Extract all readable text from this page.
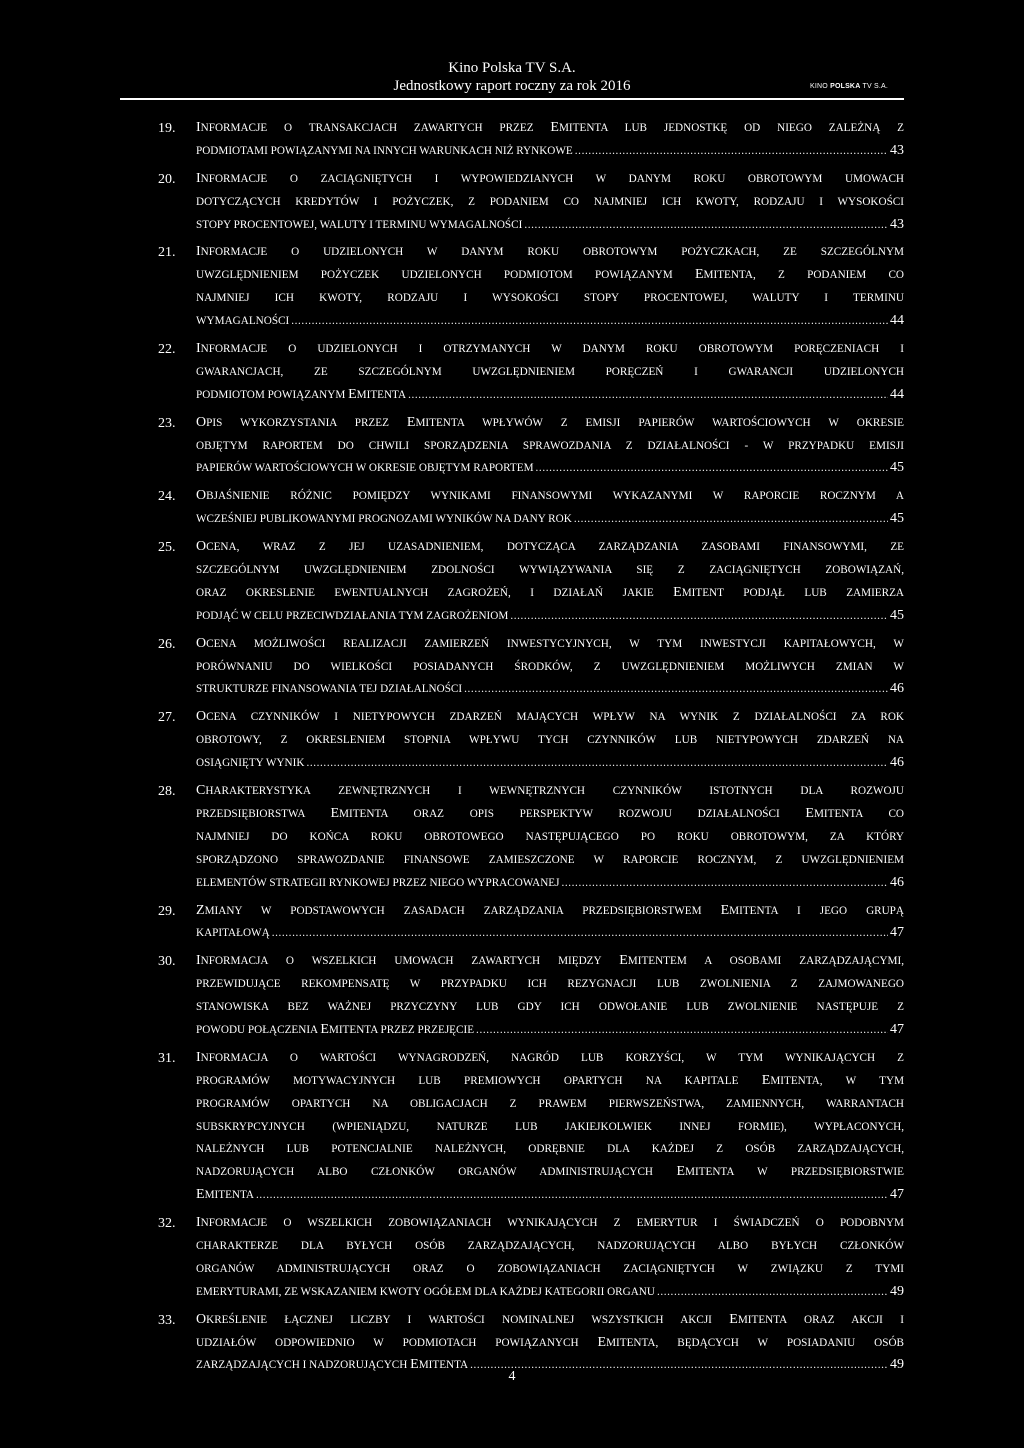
Kino Polska TV S.A.
Jednostkowy raport roczny za rok 2016	KINO POLSKA TV S.A.
19. INFORMACJE O TRANSAKCJACH ZAWARTYCH PRZEZ EMITENTA LUB JEDNOSTKĘ OD NIEGO ZALEŻNĄ Z
PODMIOTAMI POWIĄZANYMI NA INNYCH WARUNKACH NIŻ RYNKOWE .....	43
20. INFORMACJE O ZACIĄGNIĘTYCH I WYPOWIEDZIANYCH W DANYM ROKU OBROTOWYM UMOWACH
DOTYCZĄCYCH KREDYTÓW I POŻYCZEK, Z PODANIEM CO NAJMNIEJ ICH KWOTY, RODZAJU I WYSOKOŚCI
STOPY PROCENTOWEJ, WALUTY I TERMINU WYMAGALNOŚCI .....	43
21. INFORMACJE O UDZIELONYCH W DANYM ROKU OBROTOWYM POŻYCZKACH, ZE SZCZEGÓLNYM
UWZGLĘDNIENIEM POŻYCZEK UDZIELONYCH PODMIOTOM POWIĄZANYM EMITENTA, Z PODANIEM CO
NAJMNIEJ ICH KWOTY, RODZAJU I WYSOKOŚCI STOPY PROCENTOWEJ, WALUTY I TERMINU
WYMAGALNOŚCI .....	44
22. INFORMACJE O UDZIELONYCH I OTRZYMANYCH W DANYM ROKU OBROTOWYM PORĘCZENIACH I
GWARANCJACH, ZE SZCZEGÓLNYM UWZGLĘDNIENIEM PORĘCZEŃ I GWARANCJI UDZIELONYCH
PODMIOTOM POWIĄZANYM EMITENTA .....	44
23. OPIS WYKORZYSTANIA PRZEZ EMITENTA WPŁYWÓW Z EMISJI PAPIERÓW WARTOŚCIOWYCH W OKRESIE
OBJĘTYM RAPORTEM DO CHWILI SPORZĄDZENIA SPRAWOZDANIA Z DZIAŁALNOŚCI - W PRZYPADKU EMISJI
PAPIERÓW WARTOŚCIOWYCH W OKRESIE OBJĘTYM RAPORTEM .....	45
24. OBJAŚNIENIE RÓŻNIC POMIĘDZY WYNIKAMI FINANSOWYMI WYKAZANYMI W RAPORCIE ROCZNYM A
WCZEŚNIEJ PUBLIKOWANYMI PROGNOZAMI WYNIKÓW NA DANY ROK .....	45
25. OCENA, WRAZ Z JEJ UZASADNIENIEM, DOTYCZĄCA ZARZĄDZANIA ZASOBAMI FINANSOWYMI, ZE
SZCZEGÓLNYM UWZGLĘDNIENIEM ZDOLNOŚCI WYWIĄZYWANIA SIĘ Z ZACIĄGNIĘTYCH ZOBOWIĄZAŃ,
ORAZ OKRESLENIE EWENTUALNYCH ZAGROŻEŃ, I DZIAŁAŃ JAKIE EMITENT PODJĄŁ LUB ZAMIERZA
PODJĄĆ W CELU PRZECIWDZIAŁANIA TYM ZAGROŻENIOM .....	45
26. OCENA MOŻLIWOŚCI REALIZACJI ZAMIERZEŃ INWESTYCYJNYCH, W TYM INWESTYCJI KAPITAŁOWYCH, W
PORÓWNANIU DO WIELKOŚCI POSIADANYCH ŚRODKÓW, Z UWZGLĘDNIENIEM MOŻLIWYCH ZMIAN W
STRUKTURZE FINANSOWANIA TEJ DZIAŁALNOŚCI .....	46
27. OCENA CZYNNIKÓW I NIETYPOWYCH ZDARZEŃ MAJĄCYCH WPŁYW NA WYNIK Z DZIAŁALNOŚCI ZA ROK
OBROTOWY, Z OKRESLENIEM STOPNIA WPŁYWU TYCH CZYNNIKÓW LUB NIETYPOWYCH ZDARZEŃ NA
OSIĄGNIĘTY WYNIK .....	46
28. CHARAKTERYSTYKA ZEWNĘTRZNYCH I WEWNĘTRZNYCH CZYNNIKÓW ISTOTNYCH DLA ROZWOJU
PRZEDSIĘBIORSTWA EMITENTA ORAZ OPIS PERSPEKTYW ROZWOJU DZIAŁALNOŚCI EMITENTA CO
NAJMNIEJ DO KOŃCA ROKU OBROTOWEGO NASTĘPUJĄCEGO PO ROKU OBROTOWYM, ZA KTÓRY
SPORZĄDZONO SPRAWOZDANIE FINANSOWE ZAMIESZCZONE W RAPORCIE ROCZNYM, Z UWZGLĘDNIENIEM
ELEMENTÓW STRATEGII RYNKOWEJ PRZEZ NIEGO WYPRACOWANEJ .....	46
29. ZMIANY W PODSTAWOWYCH ZASADACH ZARZĄDZANIA PRZEDSIĘBIORSTWEM EMITENTA I JEGO GRUPĄ
KAPITAŁOWĄ .....	47
30. INFORMACJA O WSZELKICH UMOWACH ZAWARTYCH MIĘDZY EMITENTEM A OSOBAMI ZARZĄDZAJĄCYMI,
PRZEWIDUJĄCE REKOMPENSATĘ W PRZYPADKU ICH REZYGNACJI LUB ZWOLNIENIA Z ZAJMOWANEGO
STANOWISKA BEZ WAŻNEJ PRZYCZYNY LUB GDY ICH ODWOŁANIE LUB ZWOLNIENIE NASTĘPUJE Z
POWODU POŁĄCZENIA EMITENTA PRZEZ PRZEJĘCIE .....	47
31. INFORMACJA O WARTOŚCI WYNAGRODZEŃ, NAGRÓD LUB KORZYŚCI, W TYM WYNIKAJĄCYCH Z
PROGRAMÓW MOTYWACYJNYCH LUB PREMIOWYCH OPARTYCH NA KAPITALE EMITENTA, W TYM
PROGRAMÓW OPARTYCH NA OBLIGACJACH Z PRAWEM PIERWSZEŃSTWA, ZAMIENNYCH, WARRANTACH
SUBSKRYPCYJNYCH (WPIENIĄDZU, NATURZE LUB JAKIEJKOLWIEK INNEJ FORMIE), WYPŁACONYCH,
NALEŻNYCH LUB POTENCJALNIE NALEŻNYCH, ODRĘBNIE DLA KAŻDEJ Z OSÓB ZARZĄDZAJĄCYCH,
NADZORUJĄCYCH ALBO CZŁONKÓW ORGANÓW ADMINISTRUJĄCYCH EMITENTA W PRZEDSIĘBIORSTWIE
EMITENTA .....	47
32. INFORMACJE O WSZELKICH ZOBOWIĄZANIACH WYNIKAJĄCYCH Z EMERYTUR I ŚWIADCZEŃ O PODOBNYM
CHARAKTERZE DLA BYŁYCH OSÓB ZARZĄDZAJĄCYCH, NADZORUJĄCYCH ALBO BYŁYCH CZŁONKÓW
ORGANÓW ADMINISTRUJĄCYCH ORAZ O ZOBOWIĄZANIACH ZACIĄGNIĘTYCH W ZWIĄZKU Z TYMI
EMERYTURAMI, ZE WSKAZANIEM KWOTY OGÓŁEM DLA KAŻDEJ KATEGORII ORGANU .....	49
33. OKREŚLENIE ŁĄCZNEJ LICZBY I WARTOŚCI NOMINALNEJ WSZYSTKICH AKCJI EMITENTA ORAZ AKCJI I
UDZIAŁÓW ODPOWIEDNIO W PODMIOTACH POWIĄZANYCH EMITENTA, BĘDĄCYCH W POSIADANIU OSÓB
ZARZĄDZAJĄCYCH I NADZORUJĄCYCH EMITENTA .....	49
4
